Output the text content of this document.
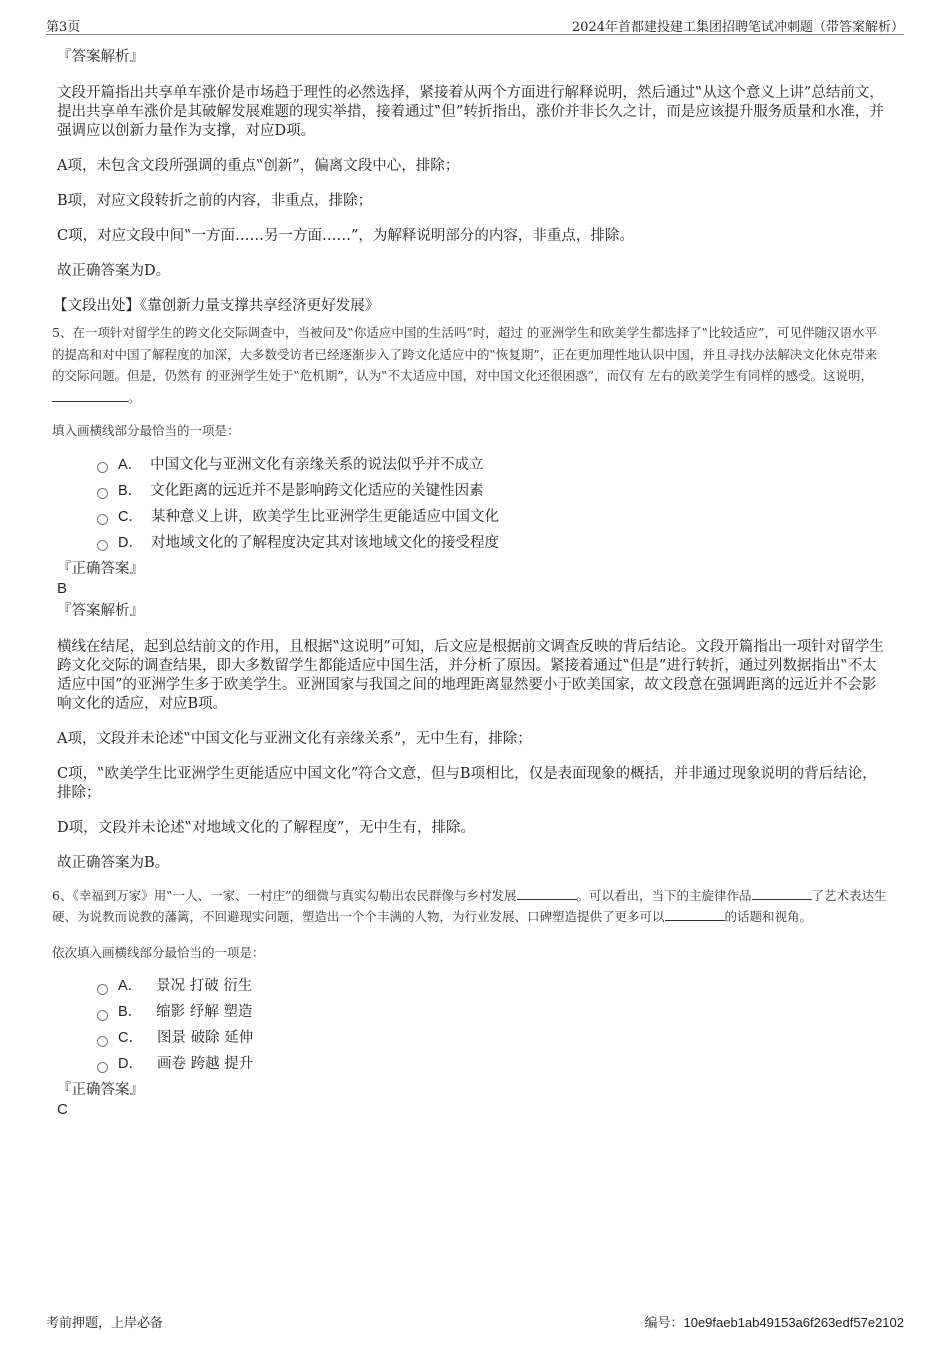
第3页	2024年首都建投建工集团招聘笔试冲刺题（带答案解析）
『答案解析』

文段开篇指出共享单车涨价是市场趋于理性的必然选择，紧接着从两个方面进行解释说明，然后通过‟从这个意义上讲”总结前文，提出共享单车涨价是其破解发展难题的现实举措，接着通过‟但”转折指出，涨价并非长久之计，而是应该提升服务质量和水准，并强调应以创新力量作为支撑，对应D项。

A项，未包含文段所强调的重点‟创新”，偏离文段中心，排除；

B项，对应文段转折之前的内容，非重点，排除；

C项，对应文段中间‟一方面……另一方面……”，为解释说明部分的内容，非重点，排除。

故正确答案为D。

【文段出处】《靠创新力量支撑共享经济更好发展》

5、在一项针对留学生的跨文化交际调查中，当被问及‟你适应中国的生活吗”时，超过 的亚洲学生和欧美学生都选择了‟比较适应”，可见伴随汉语水平的提高和对中国了解程度的加深，大多数受访者已经逐渐步入了跨文化适应中的‟恢复期”，正在更加理性地认识中国，并且寻找办法解决文化休克带来的交际问题。但是，仍然有 的亚洲学生处于‟危机期”，认为‟不太适应中国，对中国文化还很困惑”，而仅有 左右的欧美学生有同样的感受。这说明，。

填入画横线部分最恰当的一项是：

A． 中国文化与亚洲文化有亲缘关系的说法似乎并不成立
B． 文化距离的远近并不是影响跨文化适应的关键性因素
C． 某种意义上讲，欧美学生比亚洲学生更能适应中国文化
D． 对地域文化的了解程度决定其对该地域文化的接受程度
『正确答案』
B
『答案解析』

横线在结尾，起到总结前文的作用，且根据‟这说明”可知，后文应是根据前文调查反映的背后结论。文段开篇指出一项针对留学生跨文化交际的调查结果，即大多数留学生都能适应中国生活，并分析了原因。紧接着通过‟但是”进行转折，通过列数据指出‟不太适应中国”的亚洲学生多于欧美学生。亚洲国家与我国之间的地理距离显然要小于欧美国家，故文段意在强调距离的远近并不会影响文化的适应，对应B项。

A项，文段并未论述‟中国文化与亚洲文化有亲缘关系”，无中生有，排除；

C项，‟欧美学生比亚洲学生更能适应中国文化”符合文意，但与B项相比，仅是表面现象的概括，并非通过现象说明的背后结论，排除；

D项，文段并未论述‟对地域文化的了解程度”，无中生有，排除。

故正确答案为B。

6、《幸福到万家》用‟一人、一家、一村庄”的细微与真实勾勒出农民群像与乡村发展	。可以看出，当下的主旋律作品	了艺术表达生硬、为说教而说教的藩篱，不回避现实问题，塑造出一个个丰满的人物，为行业发展、口碑塑造提供了更多可以	的话题和视角。

依次填入画横线部分最恰当的一项是：

A． 景况 打破 衍生
B． 缩影 纾解 塑造
C． 图景 破除 延伸
D． 画卷 跨越 提升
『正确答案』
C
考前押题，上岸必备	编号：10e9faeb1ab49153a6f263edf57e2102
